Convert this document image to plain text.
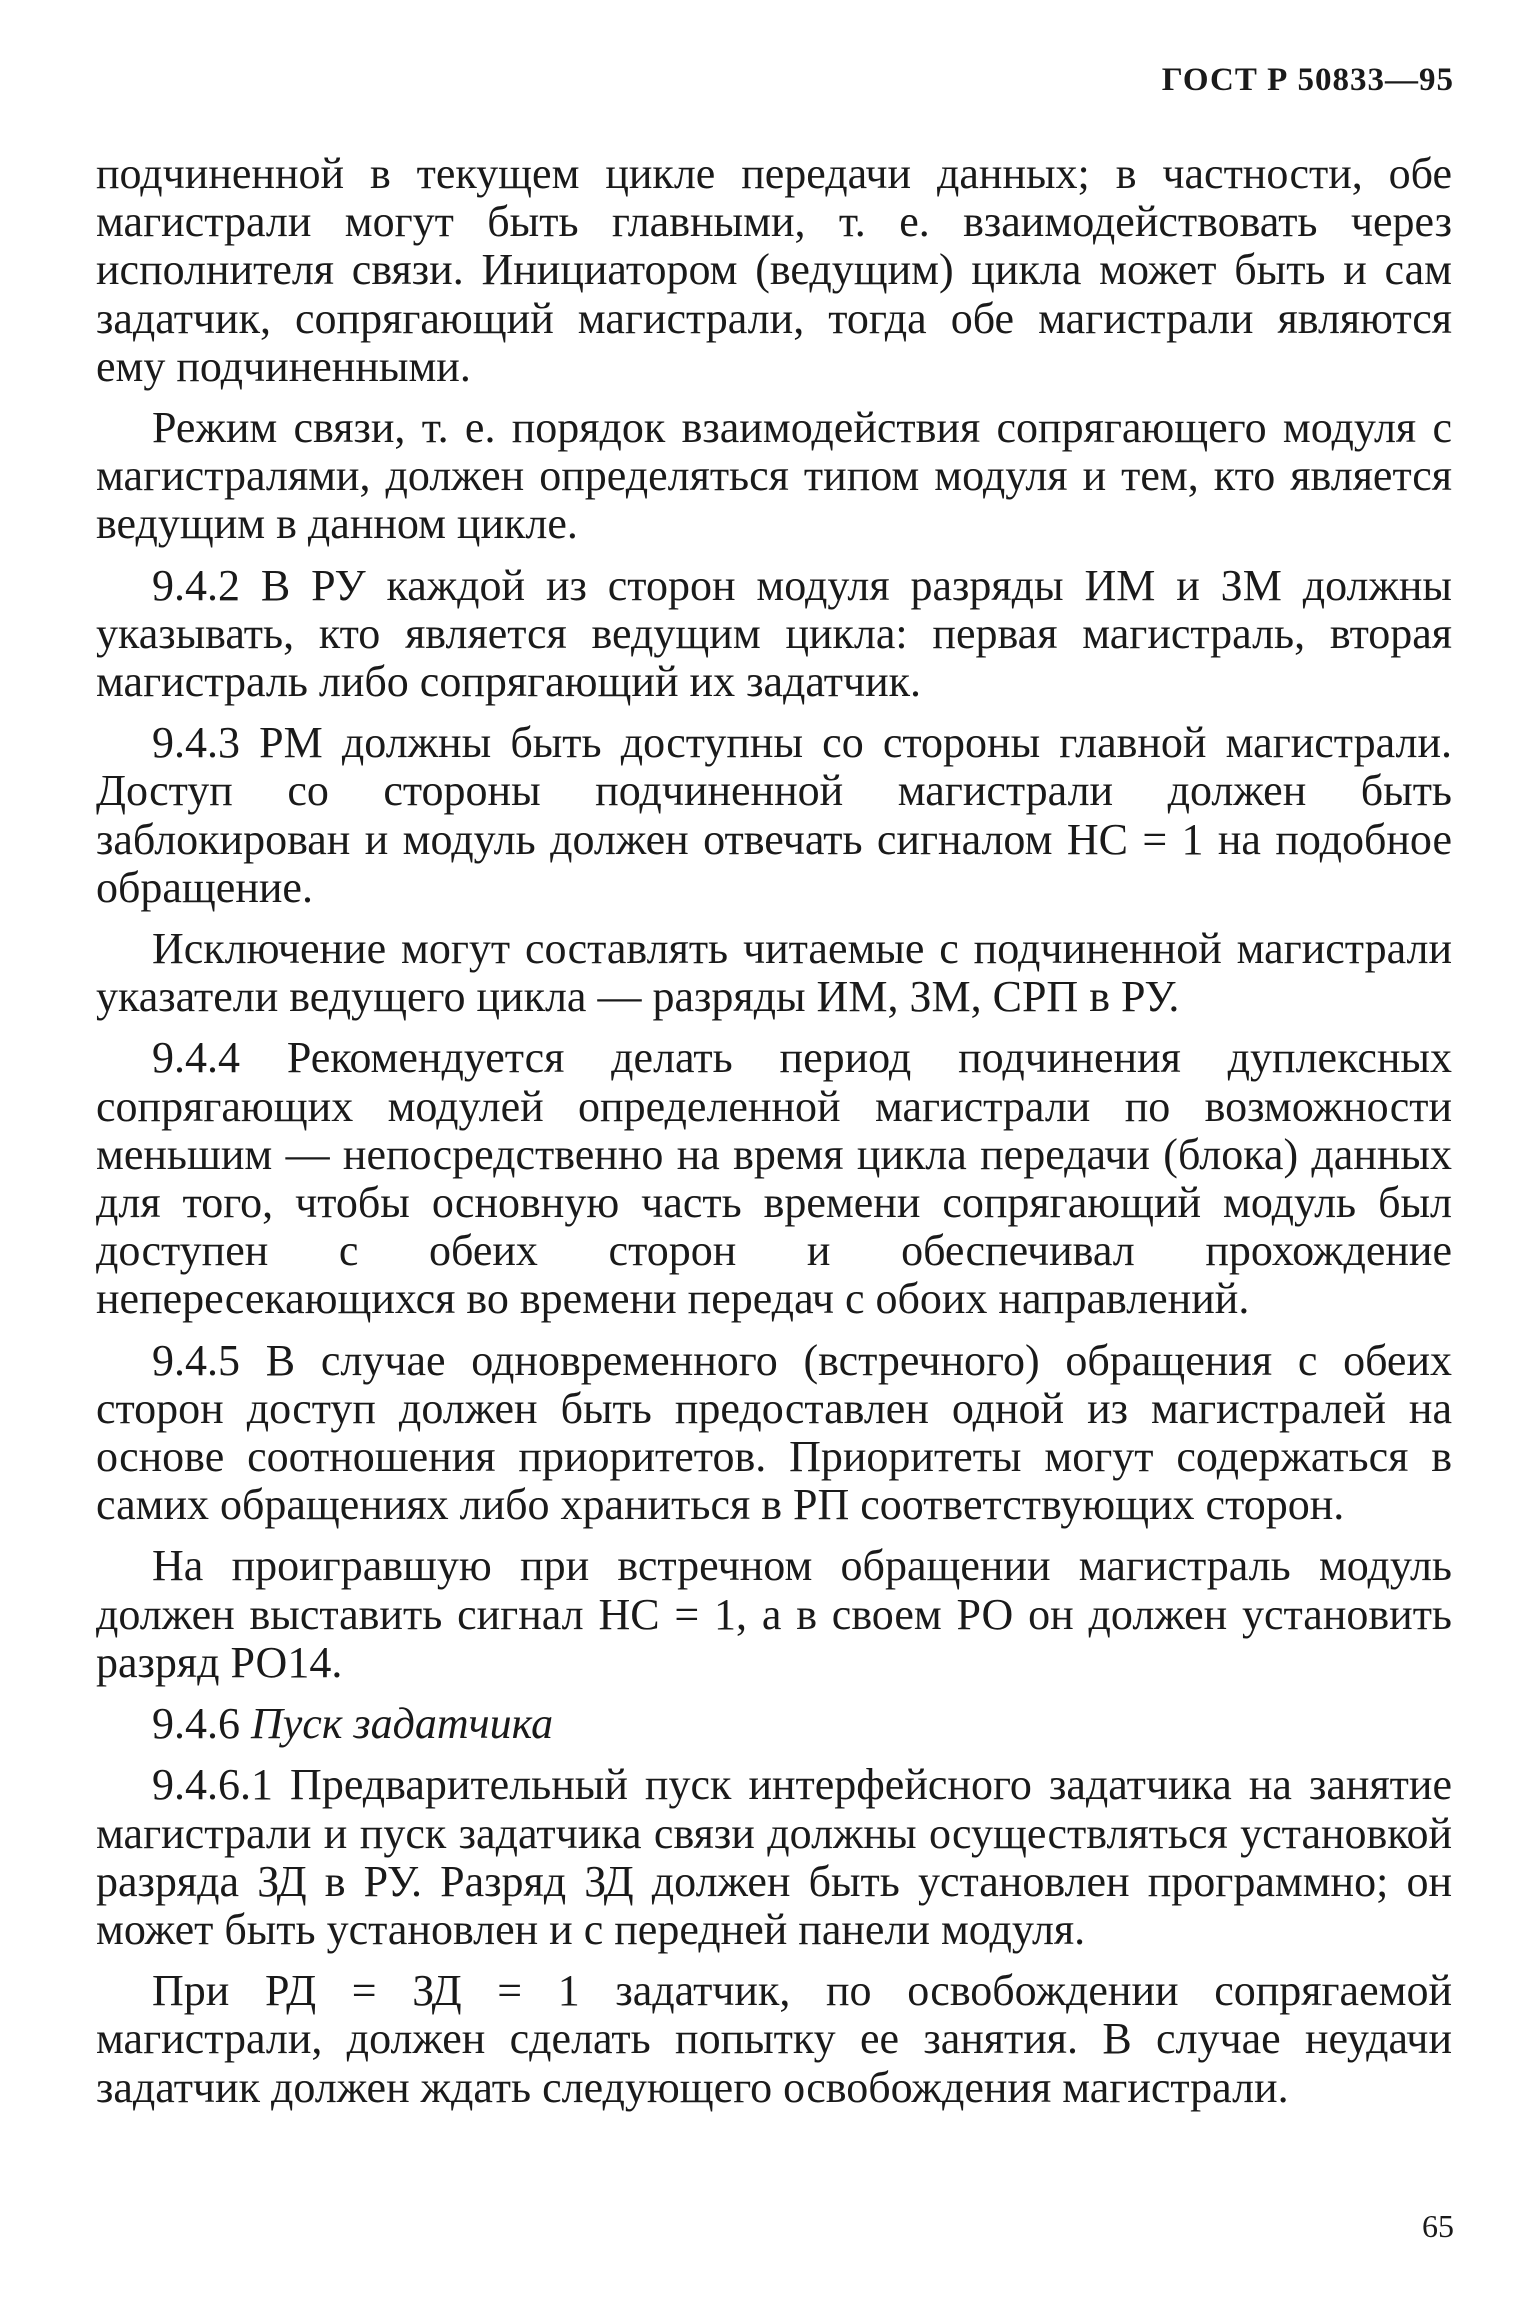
ГОСТ Р 50833—95

подчиненной в текущем цикле передачи данных; в частности, обе магистрали могут быть главными, т. е. взаимодействовать через исполнителя связи. Инициатором (ведущим) цикла может быть и сам задатчик, сопрягающий магистрали, тогда обе магистрали являются ему подчиненными.

Режим связи, т. е. порядок взаимодействия сопрягающего модуля с магистралями, должен определяться типом модуля и тем, кто является ведущим в данном цикле.

9.4.2 В РУ каждой из сторон модуля разряды ИМ и ЗМ должны указывать, кто является ведущим цикла: первая магистраль, вторая магистраль либо сопрягающий их задатчик.

9.4.3 РМ должны быть доступны со стороны главной магистрали. Доступ со стороны подчиненной магистрали должен быть заблокирован и модуль должен отвечать сигналом НС = 1 на подобное обращение.

Исключение могут составлять читаемые с подчиненной магистрали указатели ведущего цикла — разряды ИМ, ЗМ, СРП в РУ.

9.4.4 Рекомендуется делать период подчинения дуплексных сопрягающих модулей определенной магистрали по возможности меньшим — непосредственно на время цикла передачи (блока) данных для того, чтобы основную часть времени сопрягающий модуль был доступен с обеих сторон и обеспечивал прохождение непересекающихся во времени передач с обоих направлений.

9.4.5 В случае одновременного (встречного) обращения с обеих сторон доступ должен быть предоставлен одной из магистралей на основе соотношения приоритетов. Приоритеты могут содержаться в самих обращениях либо храниться в РП соответствующих сторон.

На проигравшую при встречном обращении магистраль модуль должен выставить сигнал НС = 1, а в своем РО он должен установить разряд РО14.

9.4.6 Пуск задатчика

9.4.6.1 Предварительный пуск интерфейсного задатчика на занятие магистрали и пуск задатчика связи должны осуществляться установкой разряда ЗД в РУ. Разряд ЗД должен быть установлен программно; он может быть установлен и с передней панели модуля.

При РД = ЗД = 1 задатчик, по освобождении сопрягаемой магистрали, должен сделать попытку ее занятия. В случае неудачи задатчик должен ждать следующего освобождения магистрали.

65
